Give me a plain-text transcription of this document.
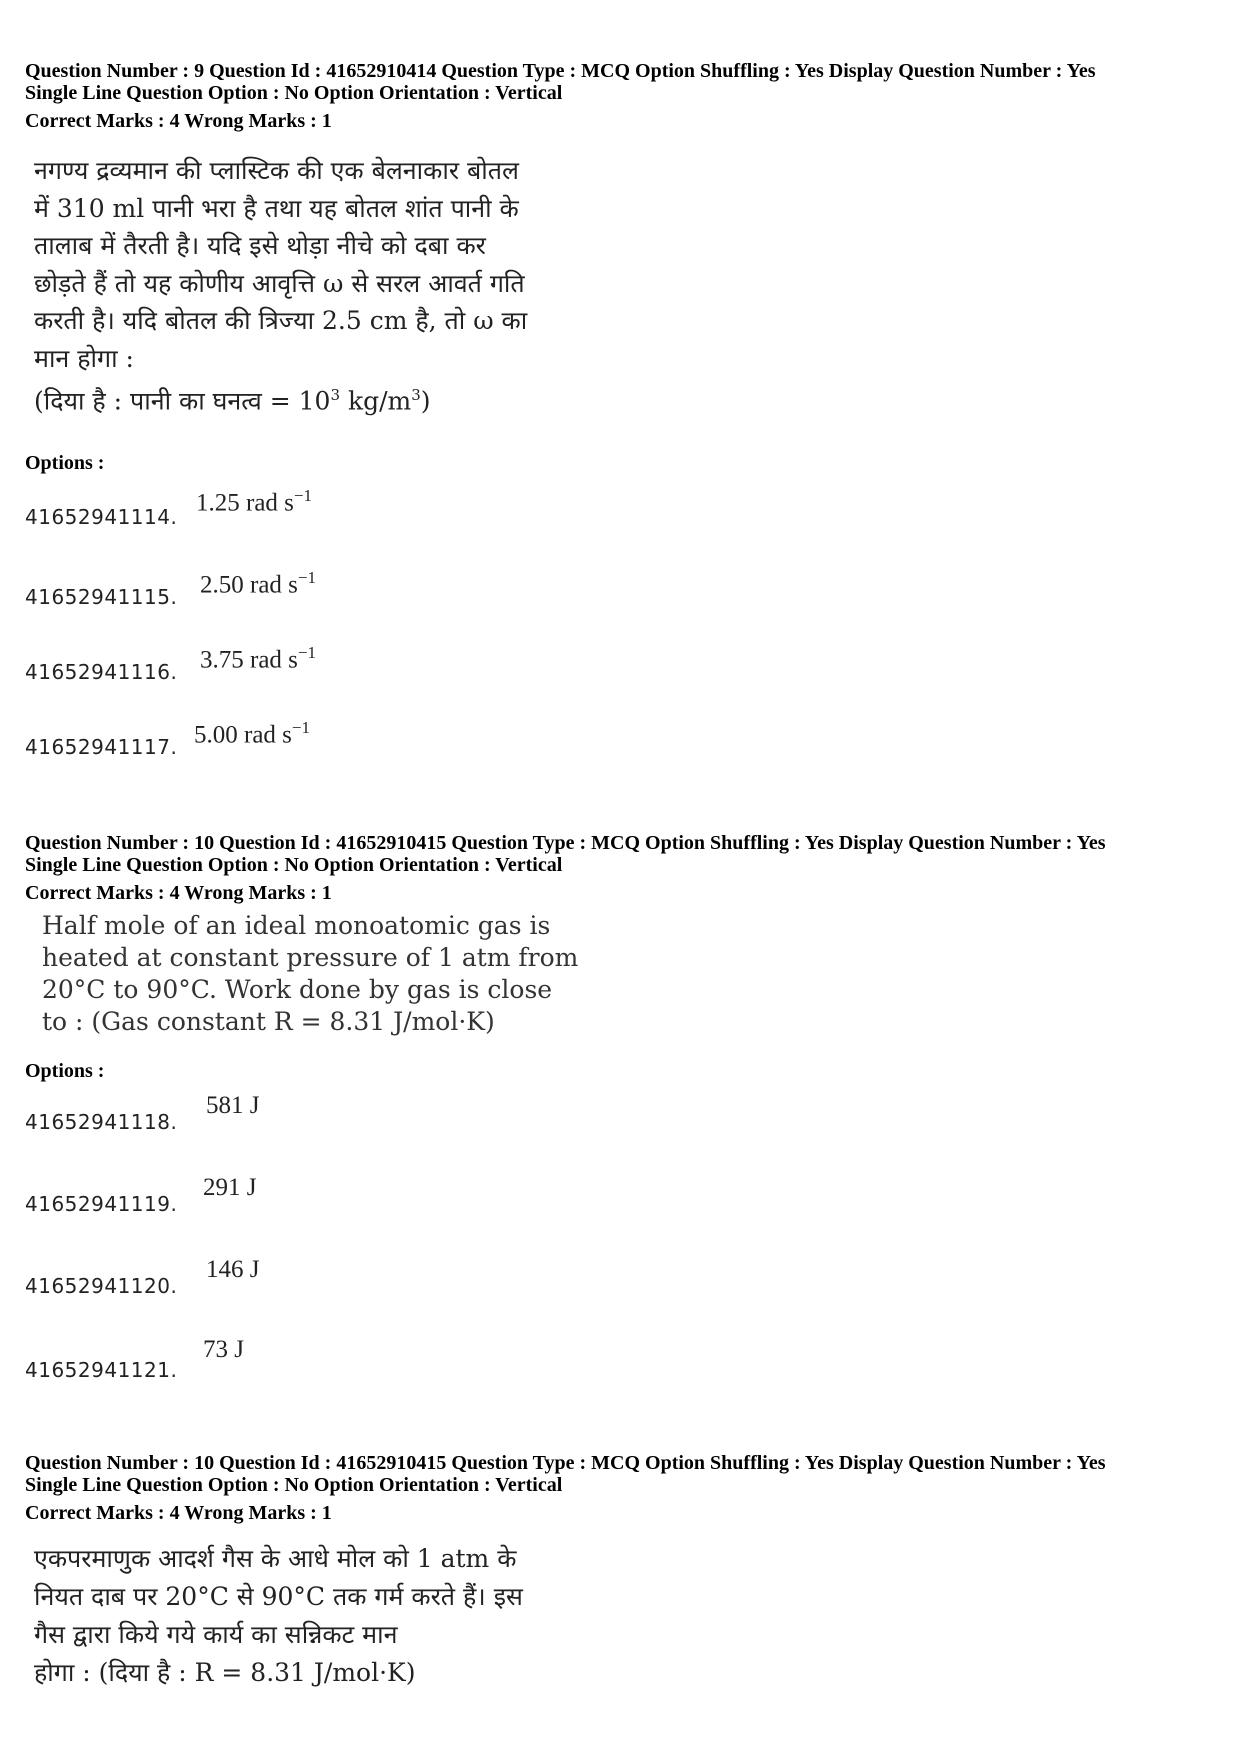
Question Number : 9 Question Id : 41652910414 Question Type : MCQ Option Shuffling : Yes Display Question Number : Yes
Single Line Question Option : No Option Orientation : Vertical
Correct Marks : 4 Wrong Marks : 1
नगण्य द्रव्यमान की प्लास्टिक की एक बेलनाकार बोतल
में 310 ml पानी भरा है तथा यह बोतल शांत पानी के
तालाब में तैरती है। यदि इसे थोड़ा नीचे को दबा कर
छोड़ते हैं तो यह कोणीय आवृत्ति ω से सरल आवर्त गति
करती है। यदि बोतल की त्रिज्या 2.5 cm है, तो ω का
मान होगा :
(दिया है : पानी का घनत्व = $10^3$ $kg/m^3$)
Options :
41652941114.
1.25 rad $s^{-1}$
41652941115. 2.50 rad $s^{-1}$
41652941116. 3.75 rad $s^{-1}$
41652941117. 5.00 rad $s^{-1}$
Question Number : 10 Question Id : 41652910415 Question Type : MCQ Option Shuffling : Yes Display Question Number : Yes
Single Line Question Option : No Option Orientation : Vertical
Correct Marks : 4 Wrong Marks : 1
Half mole of an ideal monoatomic gas is
heated at constant pressure of 1 atm from
20°C to 90°C. Work done by gas is close
to : (Gas constant R = 8.31 J/mol·K)
Options :
41652941118.
581 J
41652941119.
291 J
41652941120.
146 J
41652941121.
73 J
Question Number : 10 Question Id : 41652910415 Question Type : MCQ Option Shuffling : Yes Display Question Number : Yes
Single Line Question Option : No Option Orientation : Vertical
Correct Marks : 4 Wrong Marks : 1
एकपरमाणुक आदर्श गैस के आधे मोल को 1 atm के
नियत दाब पर 20°C से 90°C तक गर्म करते हैं। इस
गैस द्वारा किये गये कार्य का सन्निकट मान
होगा : (दिया है : R = 8.31 J/mol·K)
